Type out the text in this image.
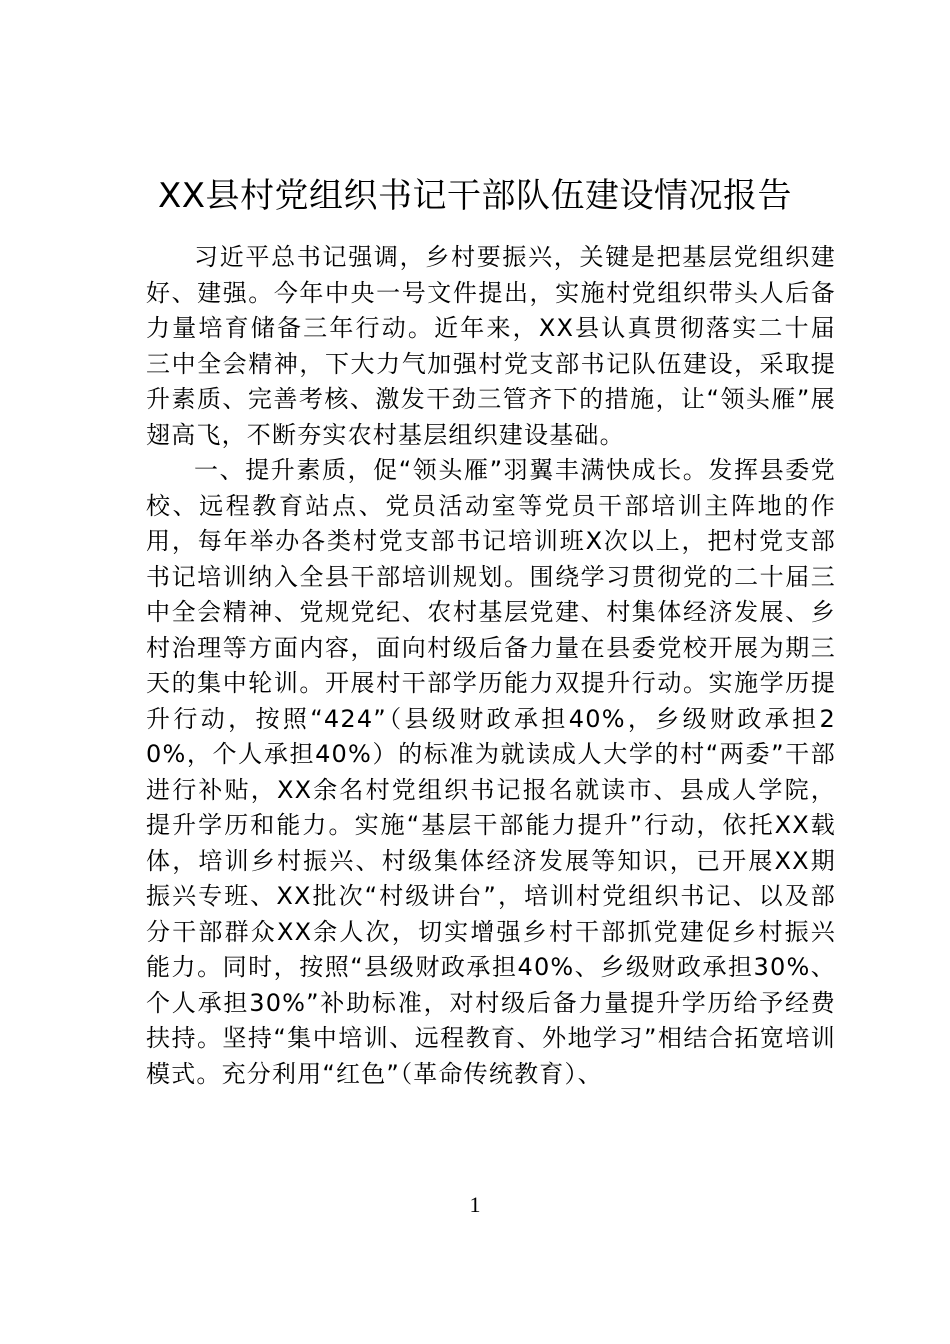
XX县村党组织书记干部队伍建设情况报告

习近平总书记强调，乡村要振兴，关键是把基层党组织建好、建强。今年中央一号文件提出，实施村党组织带头人后备力量培育储备三年行动。近年来，XX县认真贯彻落实二十届三中全会精神，下大力气加强村党支部书记队伍建设，采取提升素质、完善考核、激发干劲三管齐下的措施，让“领头雁”展翅高飞，不断夯实农村基层组织建设基础。

一、提升素质，促“领头雁”羽翼丰满快成长。发挥县委党校、远程教育站点、党员活动室等党员干部培训主阵地的作用，每年举办各类村党支部书记培训班X次以上，把村党支部书记培训纳入全县干部培训规划。围绕学习贯彻党的二十届三中全会精神、党规党纪、农村基层党建、村集体经济发展、乡村治理等方面内容，面向村级后备力量在县委党校开展为期三天的集中轮训。开展村干部学历能力双提升行动。实施学历提升行动，按照“424”（县级财政承担40%，乡级财政承担20%，个人承担40%）的标准为就读成人大学的村“两委”干部进行补贴，XX余名村党组织书记报名就读市、县成人学院，提升学历和能力。实施“基层干部能力提升”行动，依托XX载体，培训乡村振兴、村级集体经济发展等知识，已开展XX期振兴专班、XX批次“村级讲台”，培训村党组织书记、以及部分干部群众XX余人次，切实增强乡村干部抓党建促乡村振兴能力。同时，按照“县级财政承担40%、乡级财政承担30%、个人承担30%”补助标准，对村级后备力量提升学历给予经费扶持。坚持“集中培训、远程教育、外地学习”相结合拓宽培训模式。充分利用“红色”（革命传统教育）、

1
